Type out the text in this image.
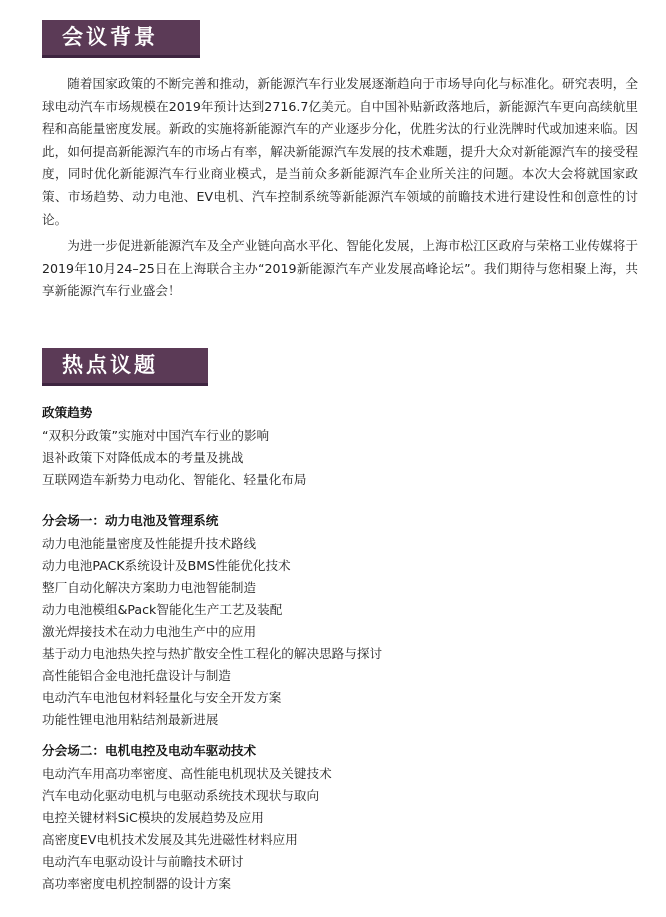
会议背景

随着国家政策的不断完善和推动，新能源汽车行业发展逐渐趋向于市场导向化与标准化。研究表明，全球电动汽车市场规模在2019年预计达到2716.7亿美元。自中国补贴新政落地后，新能源汽车更向高续航里程和高能量密度发展。新政的实施将新能源汽车的产业逐步分化，优胜劣汰的行业洗牌时代或加速来临。因此，如何提高新能源汽车的市场占有率，解决新能源汽车发展的技术难题，提升大众对新能源汽车的接受程度，同时优化新能源汽车行业商业模式，是当前众多新能源汽车企业所关注的问题。本次大会将就国家政策、市场趋势、动力电池、EV电机、汽车控制系统等新能源汽车领域的前瞻技术进行建设性和创意性的讨论。

为进一步促进新能源汽车及全产业链向高水平化、智能化发展，上海市松江区政府与荣格工业传媒将于2019年10月24–25日在上海联合主办“2019新能源汽车产业发展高峰论坛”。我们期待与您相聚上海，共享新能源汽车行业盛会！

热点议题
政策趋势
“双积分政策”实施对中国汽车行业的影响
退补政策下对降低成本的考量及挑战
互联网造车新势力电动化、智能化、轻量化布局
分会场一：动力电池及管理系统
动力电池能量密度及性能提升技术路线
动力电池PACK系统设计及BMS性能优化技术
整厂自动化解决方案助力电池智能制造
动力电池模组&Pack智能化生产工艺及装配
激光焊接技术在动力电池生产中的应用
基于动力电池热失控与热扩散安全性工程化的解决思路与探讨
高性能铝合金电池托盘设计与制造
电动汽车电池包材料轻量化与安全开发方案
功能性锂电池用粘结剂最新进展
分会场二：电机电控及电动车驱动技术
电动汽车用高功率密度、高性能电机现状及关键技术
汽车电动化驱动电机与电驱动系统技术现状与取向
电控关键材料SiC模块的发展趋势及应用
高密度EV电机技术发展及其先进磁性材料应用
电动汽车电驱动设计与前瞻技术研讨
高功率密度电机控制器的设计方案
